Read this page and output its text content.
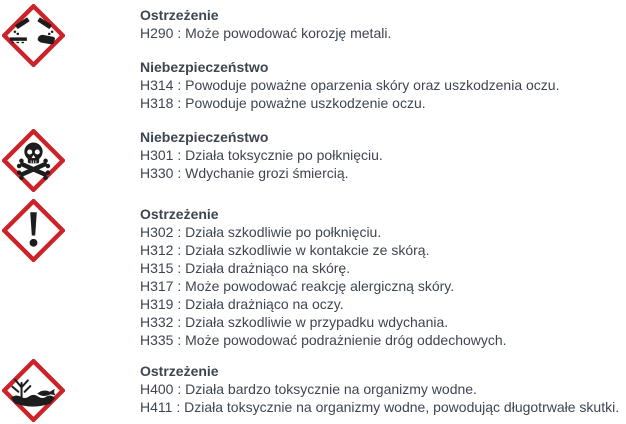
Ostrzeżenie
H290 : Może powodować korozję metali.
Niebezpieczeństwo
H314 : Powoduje poważne oparzenia skóry oraz uszkodzenia oczu.
H318 : Powoduje poważne uszkodzenie oczu.
Niebezpieczeństwo
H301 : Działa toksycznie po połknięciu.
H330 : Wdychanie grozi śmiercią.
Ostrzeżenie
H302 : Działa szkodliwie po połknięciu.
H312 : Działa szkodliwie w kontakcie ze skórą.
H315 : Działa drażniąco na skórę.
H317 : Może powodować reakcję alergiczną skóry.
H319 : Działa drażniąco na oczy.
H332 : Działa szkodliwie w przypadku wdychania.
H335 : Może powodować podrażnienie dróg oddechowych.
Ostrzeżenie
H400 : Działa bardzo toksycznie na organizmy wodne.
H411 : Działa toksycznie na organizmy wodne, powodując długotrwałe skutki.
